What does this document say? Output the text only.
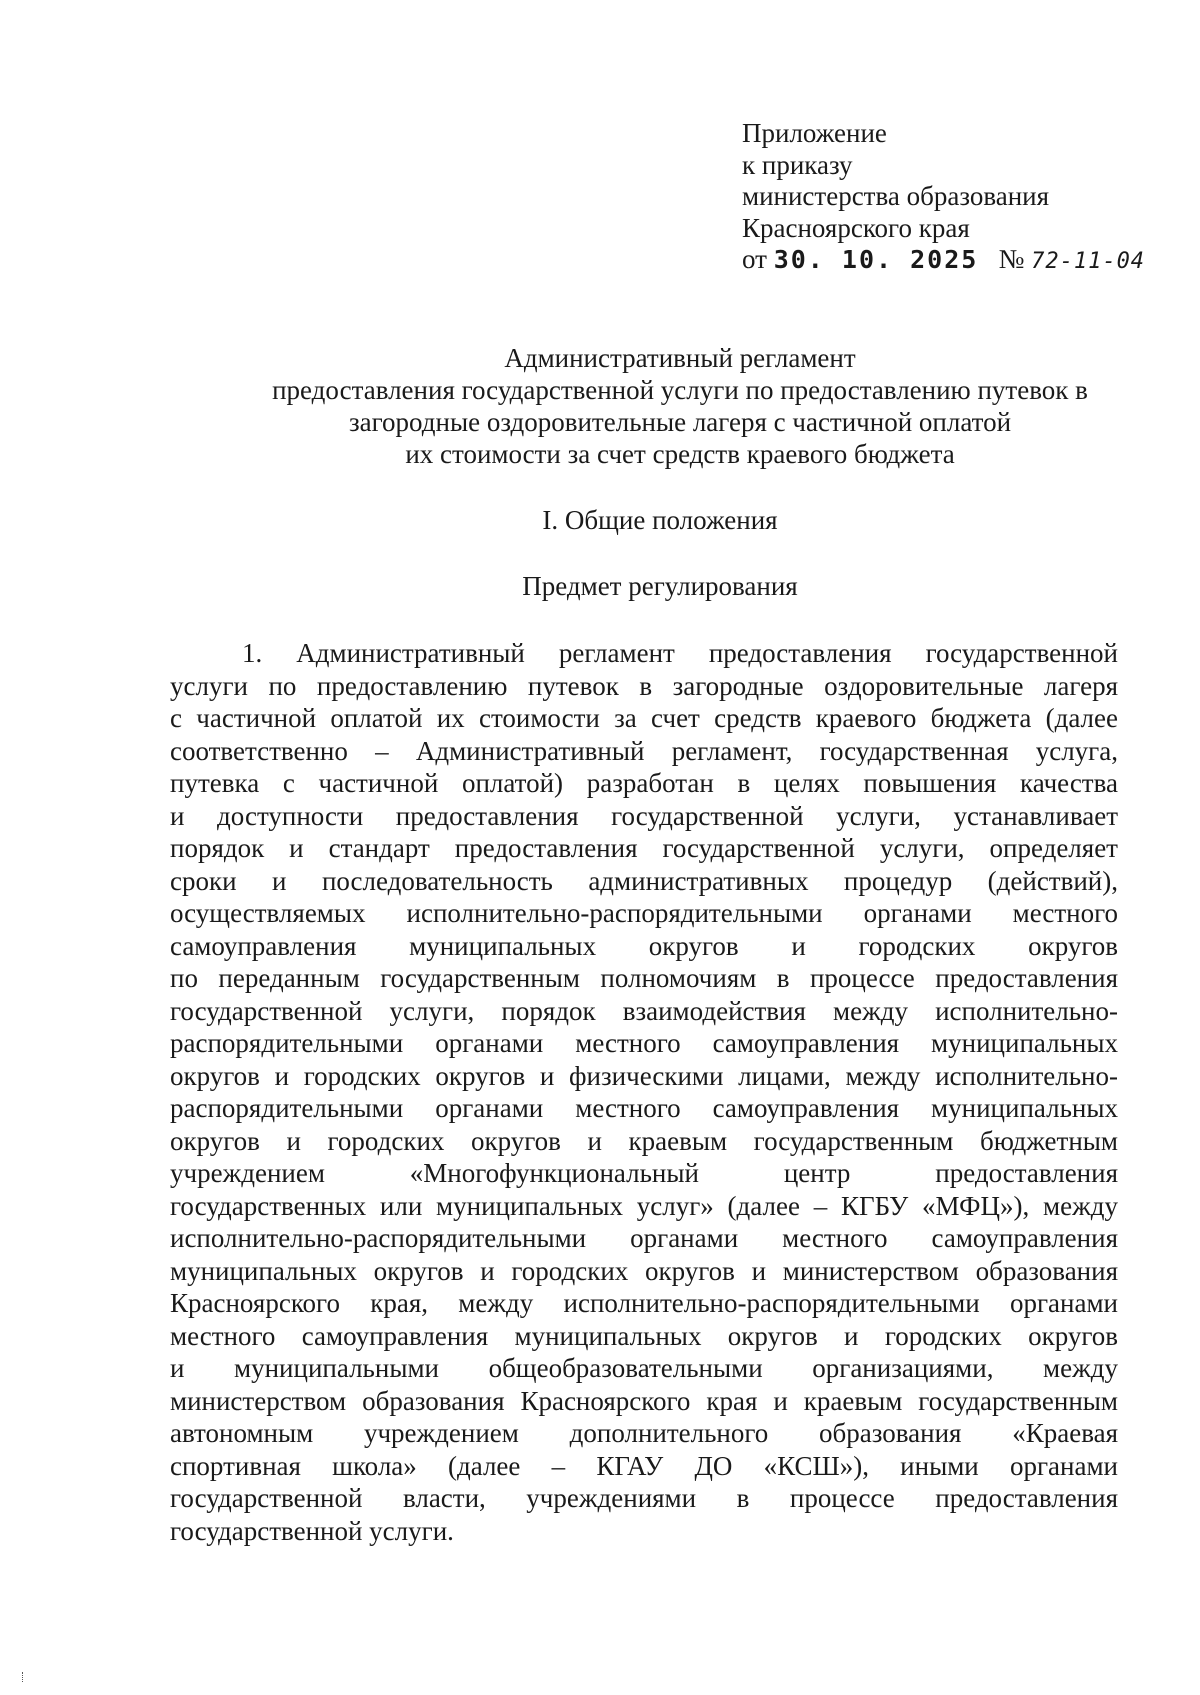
Приложение
к приказу
министерства образования
Красноярского края
от 30. 10. 2025 № 72-11-04
Административный регламент
предоставления государственной услуги по предоставлению путевок в
загородные оздоровительные лагеря с частичной оплатой
их стоимости за счет средств краевого бюджета
I. Общие положения
Предмет регулирования
1. Административный регламент предоставления государственной
услуги по предоставлению путевок в загородные оздоровительные лагеря
с частичной оплатой их стоимости за счет средств краевого бюджета (далее
соответственно – Административный регламент, государственная услуга,
путевка с частичной оплатой) разработан в целях повышения качества
и доступности предоставления государственной услуги, устанавливает
порядок и стандарт предоставления государственной услуги, определяет
сроки и последовательность административных процедур (действий),
осуществляемых исполнительно-распорядительными органами местного
самоуправления муниципальных округов и городских округов
по переданным государственным полномочиям в процессе предоставления
государственной услуги, порядок взаимодействия между исполнительно-
распорядительными органами местного самоуправления муниципальных
округов и городских округов и физическими лицами, между исполнительно-
распорядительными органами местного самоуправления муниципальных
округов и городских округов и краевым государственным бюджетным
учреждением «Многофункциональный центр предоставления
государственных или муниципальных услуг» (далее – КГБУ «МФЦ»), между
исполнительно-распорядительными органами местного самоуправления
муниципальных округов и городских округов и министерством образования
Красноярского края, между исполнительно-распорядительными органами
местного самоуправления муниципальных округов и городских округов
и муниципальными общеобразовательными организациями, между
министерством образования Красноярского края и краевым государственным
автономным учреждением дополнительного образования «Краевая
спортивная школа» (далее – КГАУ ДО «КСШ»), иными органами
государственной власти, учреждениями в процессе предоставления
государственной услуги.
